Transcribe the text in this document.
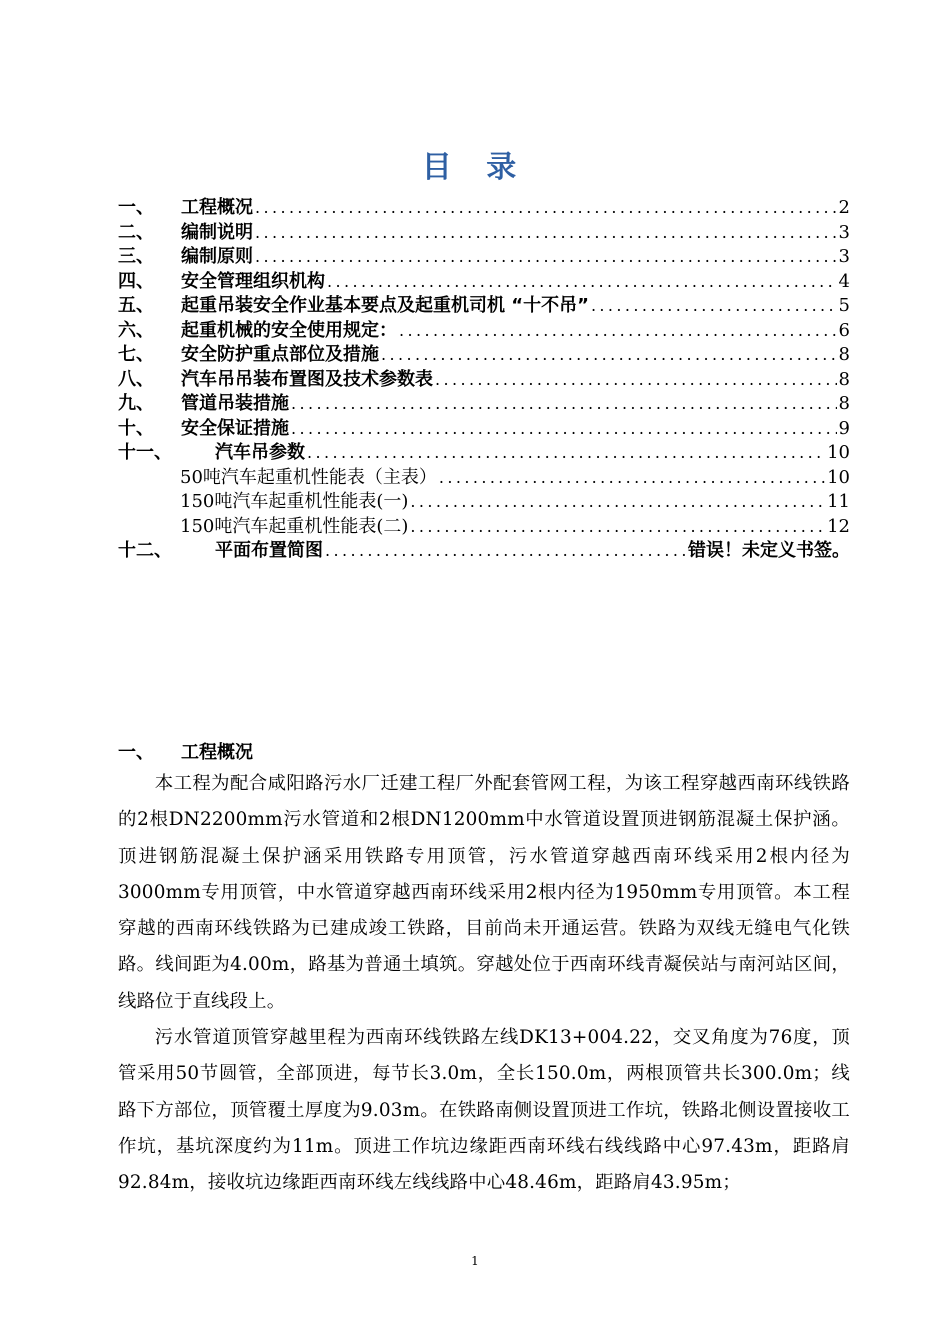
目 录
一、 工程概况 .....	2
二、 编制说明 .....	3
三、 编制原则 .....	3
四、 安全管理组织机构 .....	4
五、 起重吊装安全作业基本要点及起重机司机 “十不吊” .....	5
六、 起重机械的安全使用规定： .....	6
七、 安全防护重点部位及措施 .....	8
八、 汽车吊吊装布置图及技术参数表 .....	8
九、 管道吊装措施 .....	8
十、 安全保证措施 .....	9
十一、 汽车吊参数 .....	10
50吨汽车起重机性能表（主表） .....	10
150吨汽车起重机性能表(一) .....	11
150吨汽车起重机性能表(二) .....	12
十二、 平面布置简图 .....	错误！未定义书签。
一、 工程概况

本工程为配合咸阳路污水厂迁建工程厂外配套管网工程，为该工程穿越西南环线铁路的2根DN2200mm污水管道和2根DN1200mm中水管道设置顶进钢筋混凝土保护涵。顶进钢筋混凝土保护涵采用铁路专用顶管，污水管道穿越西南环线采用2根内径为3000mm专用顶管，中水管道穿越西南环线采用2根内径为1950mm专用顶管。本工程穿越的西南环线铁路为已建成竣工铁路，目前尚未开通运营。铁路为双线无缝电气化铁路。线间距为4.00m，路基为普通土填筑。穿越处位于西南环线青凝侯站与南河站区间，线路位于直线段上。

污水管道顶管穿越里程为西南环线铁路左线DK13+004.22，交叉角度为76度，顶管采用50节圆管，全部顶进，每节长3.0m，全长150.0m，两根顶管共长300.0m；线路下方部位，顶管覆土厚度为9.03m。在铁路南侧设置顶进工作坑，铁路北侧设置接收工作坑，基坑深度约为11m。顶进工作坑边缘距西南环线右线线路中心97.43m，距路肩92.84m，接收坑边缘距西南环线左线线路中心48.46m，距路肩43.95m；

1
